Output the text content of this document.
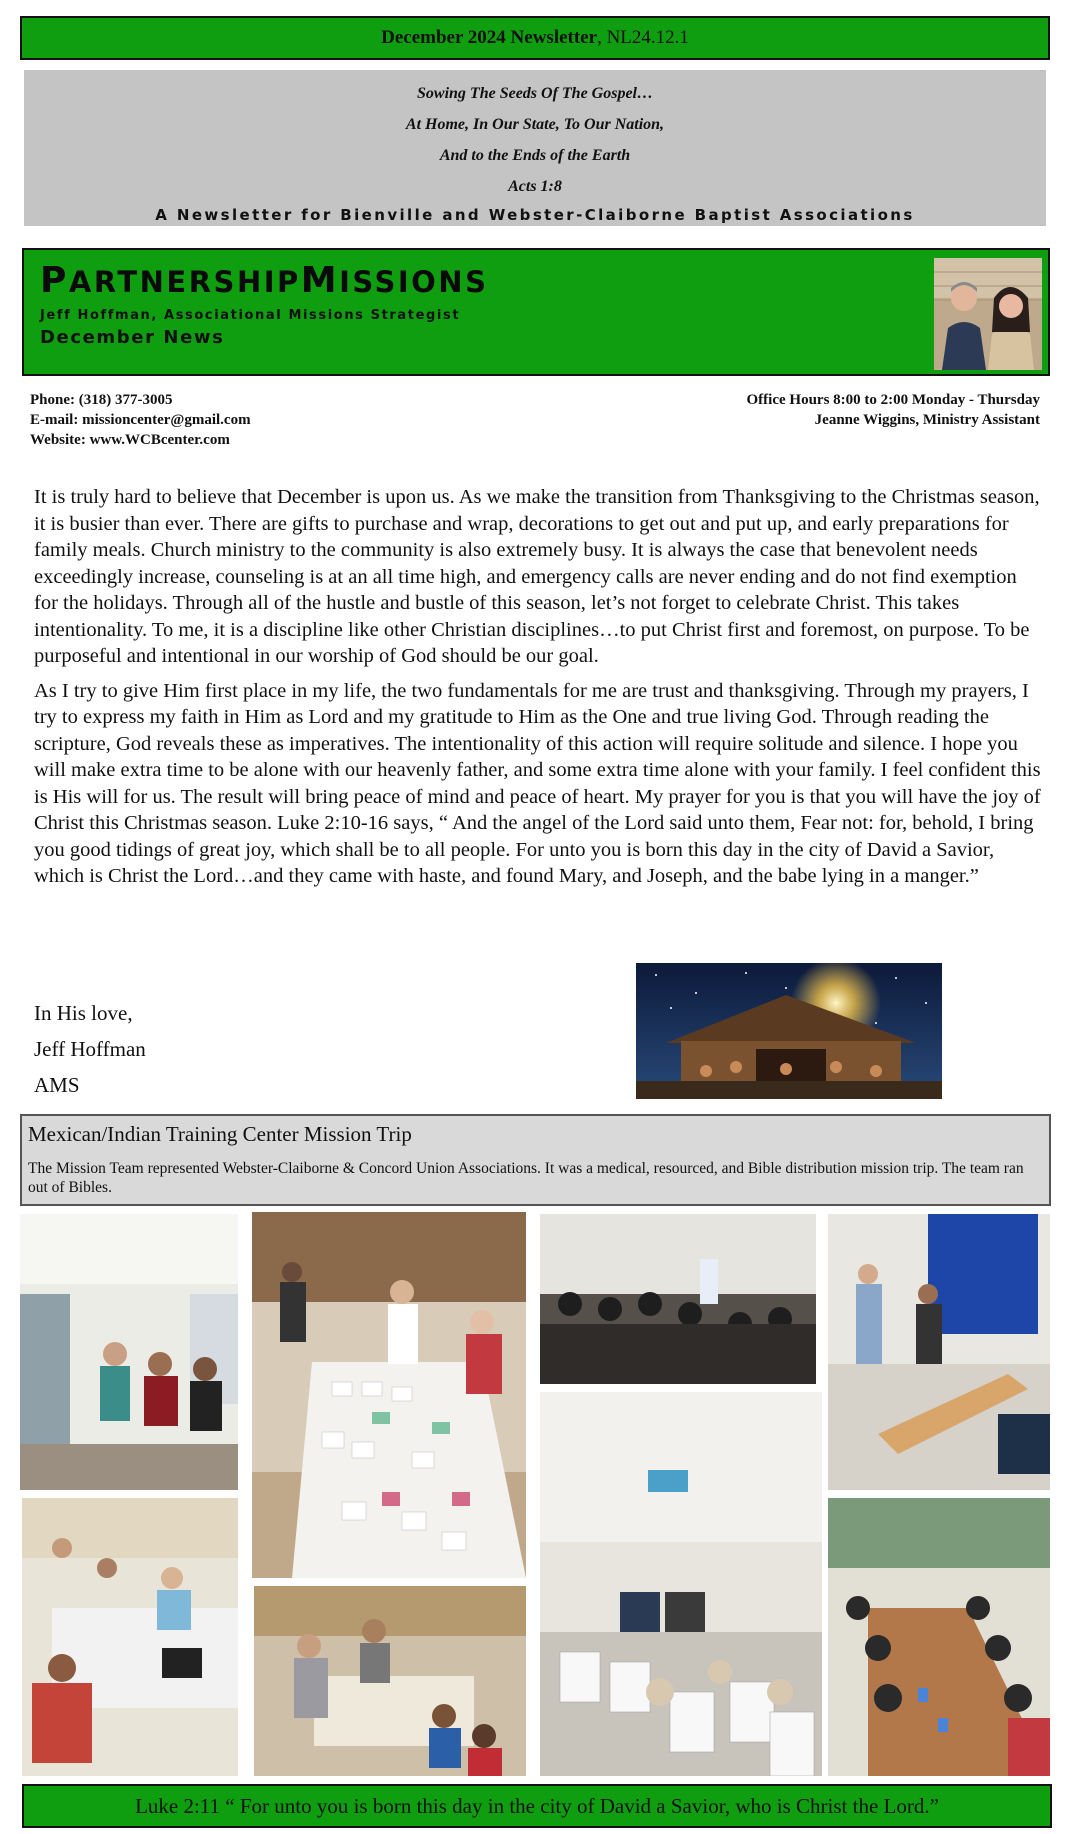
December 2024 Newsletter , NL24.12.1
Sowing The Seeds Of The Gospel…
At Home, In Our State, To Our Nation,
And to the Ends of the Earth
Acts 1:8
A Newsletter for Bienville and Webster-Claiborne Baptist Associations
PARTNERSHIPMISSIONS
Jeff Hoffman, Associational Missions Strategist
December News
Phone: (318) 377-3005
E-mail: missioncenter@gmail.com
Website: www.WCBcenter.com
Office Hours 8:00 to 2:00 Monday - Thursday
Jeanne Wiggins, Ministry Assistant

It is truly hard to believe that December is upon us. As we make the transition from Thanksgiving to the Christmas season, it is busier than ever. There are gifts to purchase and wrap, decorations to get out and put up, and early preparations for family meals. Church ministry to the community is also extremely busy. It is always the case that benevolent needs exceedingly increase, counseling is at an all time high, and emergency calls are never ending and do not find exemption for the holidays. Through all of the hustle and bustle of this season, let’s not forget to celebrate Christ. This takes intentionality. To me, it is a discipline like other Christian disciplines…to put Christ first and foremost, on purpose. To be purposeful and intentional in our worship of God should be our goal.

As I try to give Him first place in my life, the two fundamentals for me are trust and thanksgiving. Through my prayers, I try to express my faith in Him as Lord and my gratitude to Him as the One and true living God. Through reading the scripture, God reveals these as imperatives. The intentionality of this action will require solitude and silence. I hope you will make extra time to be alone with our heavenly father, and some extra time alone with your family. I feel confident this is His will for us. The result will bring peace of mind and peace of heart. My prayer for you is that you will have the joy of Christ this Christmas season. Luke 2:10-16 says, “ And the angel of the Lord said unto them, Fear not: for, behold, I bring you good tidings of great joy, which shall be to all people. For unto you is born this day in the city of David a Savior, which is Christ the Lord…and they came with haste, and found Mary, and Joseph, and the babe lying in a manger.”

In His love,
Jeff Hoffman
AMS
Mexican/Indian Training Center Mission Trip
The Mission Team represented Webster-Claiborne & Concord Union Associations. It was a medical, resourced, and Bible distribution mission trip. The team ran out of Bibles.
Luke 2:11 “ For unto you is born this day in the city of David a Savior, who is Christ the Lord.”
